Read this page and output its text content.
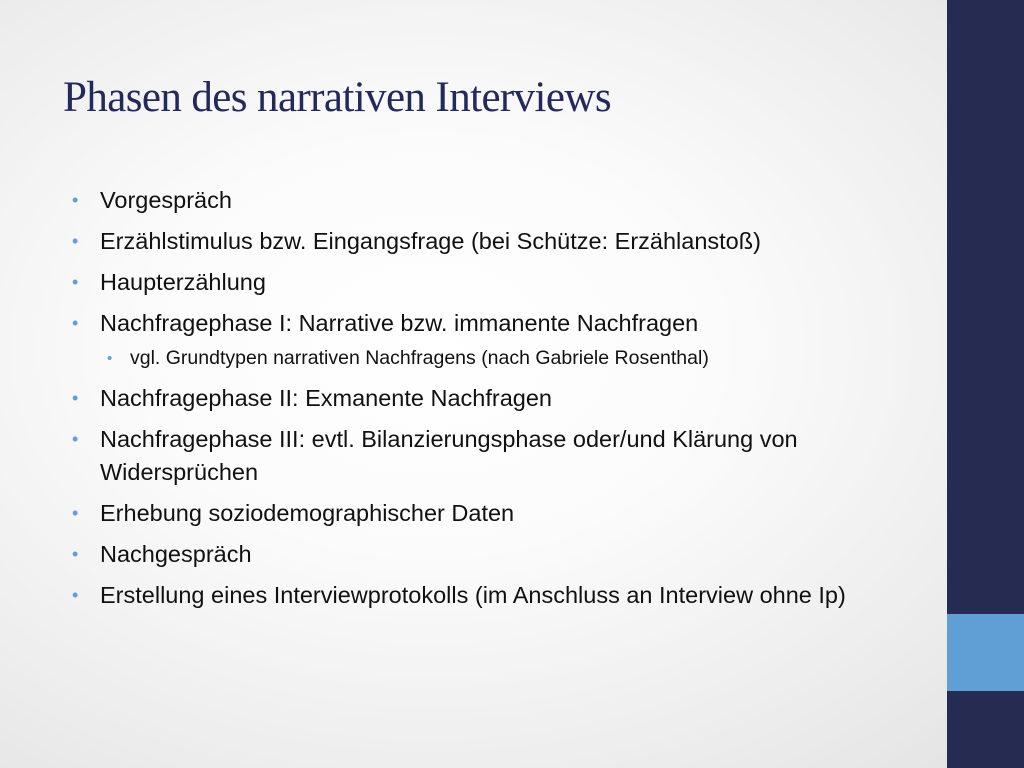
Phasen des narrativen Interviews
• Vorgespräch
• Erzählstimulus bzw. Eingangsfrage (bei Schütze: Erzählanstoß)
• Haupterzählung
• Nachfragephase I: Narrative bzw. immanente Nachfragen
• vgl. Grundtypen narrativen Nachfragens (nach Gabriele Rosenthal)
• Nachfragephase II: Exmanente Nachfragen
• Nachfragephase III: evtl. Bilanzierungsphase oder/und Klärung von Widersprüchen
• Erhebung soziodemographischer Daten
• Nachgespräch
• Erstellung eines Interviewprotokolls (im Anschluss an Interview ohne Ip)
